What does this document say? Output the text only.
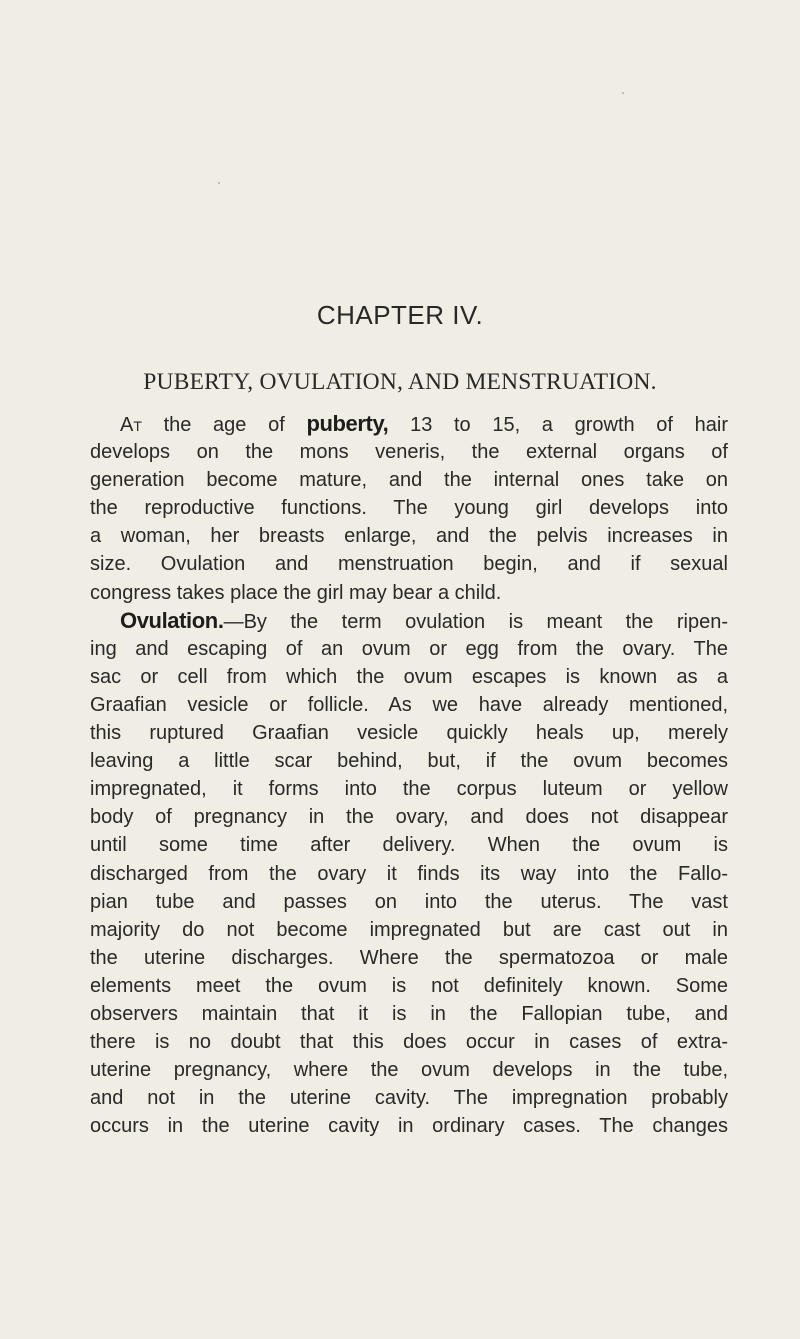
CHAPTER IV.
PUBERTY, OVULATION, AND MENSTRUATION.
At the age of puberty, 13 to 15, a growth of hair
develops on the mons veneris, the external organs of
generation become mature, and the internal ones take on
the reproductive functions. The young girl develops into
a woman, her breasts enlarge, and the pelvis increases in
size. Ovulation and menstruation begin, and if sexual
congress takes place the girl may bear a child.
Ovulation.—By the term ovulation is meant the ripen-
ing and escaping of an ovum or egg from the ovary. The
sac or cell from which the ovum escapes is known as a
Graafian vesicle or follicle. As we have already mentioned,
this ruptured Graafian vesicle quickly heals up, merely
leaving a little scar behind, but, if the ovum becomes
impregnated, it forms into the corpus luteum or yellow
body of pregnancy in the ovary, and does not disappear
until some time after delivery. When the ovum is
discharged from the ovary it finds its way into the Fallo-
pian tube and passes on into the uterus. The vast
majority do not become impregnated but are cast out in
the uterine discharges. Where the spermatozoa or male
elements meet the ovum is not definitely known. Some
observers maintain that it is in the Fallopian tube, and
there is no doubt that this does occur in cases of extra-
uterine pregnancy, where the ovum develops in the tube,
and not in the uterine cavity. The impregnation probably
occurs in the uterine cavity in ordinary cases. The changes
